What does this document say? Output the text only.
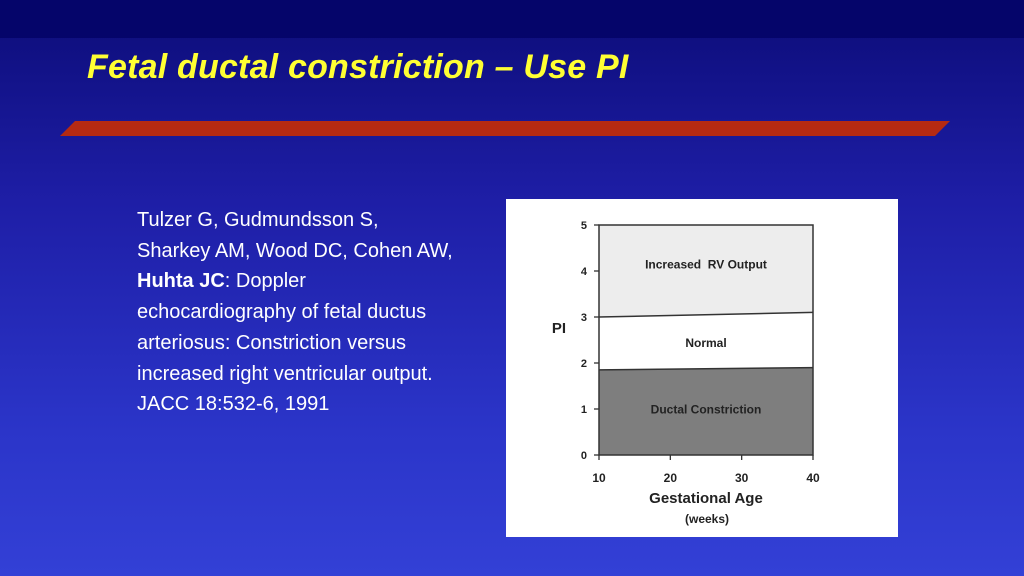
Fetal ductal constriction – Use PI
Tulzer G, Gudmundsson S, Sharkey AM, Wood DC, Cohen AW, Huhta JC: Doppler echocardiography of fetal ductus arteriosus: Constriction versus increased right ventricular output. JACC 18:532-6, 1991
0
1
2
3
4
5
10	20	30	40
PI
Gestational Age
(weeks)
Increased  RV Output
Normal
Ductal Constriction
